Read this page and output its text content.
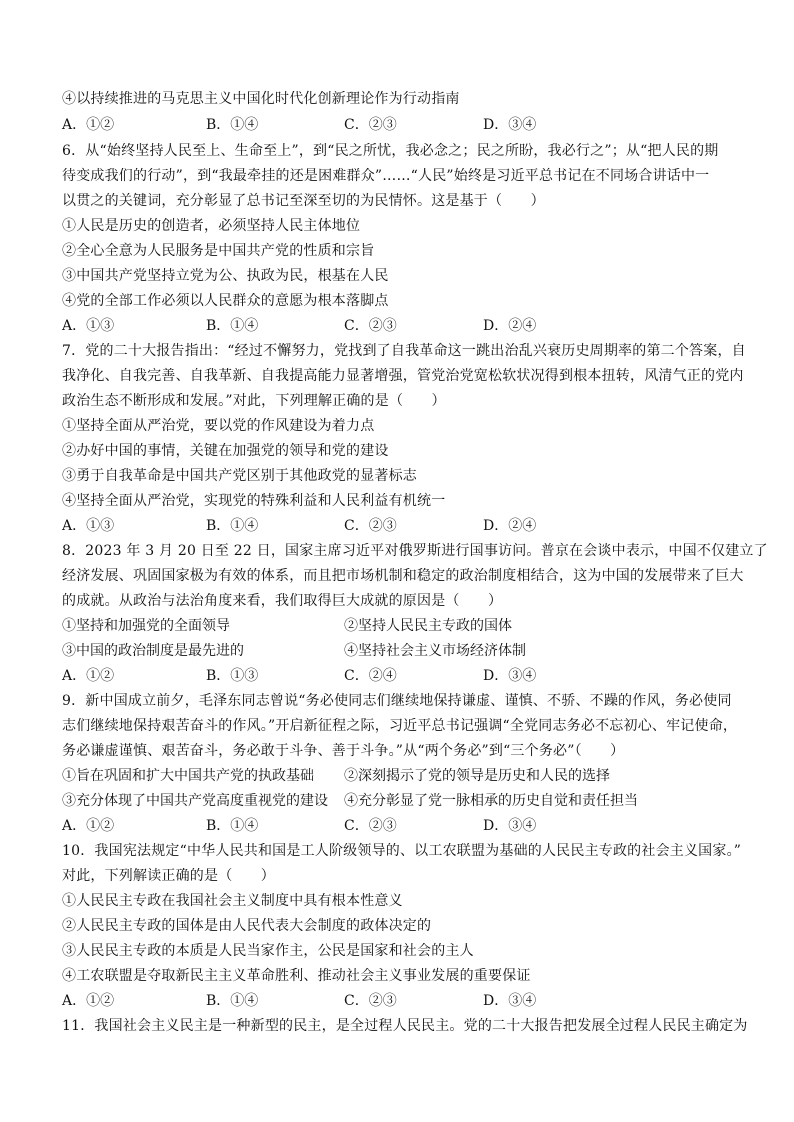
④以持续推进的马克思主义中国化时代化创新理论作为行动指南
A．①②	B．①④	C．②③	D．③④
6．从“始终坚持人民至上、生命至上”，到“民之所忧，我必念之；民之所盼，我必行之”；从“把人民的期
待变成我们的行动”，到“我最牵挂的还是困难群众”……“人民”始终是习近平总书记在不同场合讲话中一
以贯之的关键词，充分彰显了总书记至深至切的为民情怀。这是基于（　　）
①人民是历史的创造者，必须坚持人民主体地位
②全心全意为人民服务是中国共产党的性质和宗旨
③中国共产党坚持立党为公、执政为民，根基在人民
④党的全部工作必须以人民群众的意愿为根本落脚点
A．①③	B．①④	C．②③	D．②④
7．党的二十大报告指出：“经过不懈努力，党找到了自我革命这一跳出治乱兴衰历史周期率的第二个答案，自
我净化、自我完善、自我革新、自我提高能力显著增强，管党治党宽松软状况得到根本扭转，风清气正的党内
政治生态不断形成和发展。”对此，下列理解正确的是（　　）
①坚持全面从严治党，要以党的作风建设为着力点
②办好中国的事情，关键在加强党的领导和党的建设
③勇于自我革命是中国共产党区别于其他政党的显著标志
④坚持全面从严治党，实现党的特殊利益和人民利益有机统一
A．①③	B．①④	C．②③	D．②④
8．2023 年 3 月 20 日至 22 日，国家主席习近平对俄罗斯进行国事访问。普京在会谈中表示，中国不仅建立了
经济发展、巩固国家极为有效的体系，而且把市场机制和稳定的政治制度相结合，这为中国的发展带来了巨大
的成就。从政治与法治角度来看，我们取得巨大成就的原因是（　　）
①坚持和加强党的全面领导	②坚持人民民主专政的国体
③中国的政治制度是最先进的	④坚持社会主义市场经济体制
A．①②	B．①③	C．②④	D．③④
9．新中国成立前夕，毛泽东同志曾说“务必使同志们继续地保持谦虚、谨慎、不骄、不躁的作风，务必使同
志们继续地保持艰苦奋斗的作风。”开启新征程之际，习近平总书记强调“全党同志务必不忘初心、牢记使命，
务必谦虚谨慎、艰苦奋斗，务必敢于斗争、善于斗争。”从“两个务必”到“三个务必”（　　）
①旨在巩固和扩大中国共产党的执政基础 ②深刻揭示了党的领导是历史和人民的选择
③充分体现了中国共产党高度重视党的建设 ④充分彰显了党一脉相承的历史自觉和责任担当
A．①②	B．①④	C．②③	D．③④
10．我国宪法规定“中华人民共和国是工人阶级领导的、以工农联盟为基础的人民民主专政的社会主义国家。”
对此，下列解读正确的是（　　）
①人民民主专政在我国社会主义制度中具有根本性意义
②人民民主专政的国体是由人民代表大会制度的政体决定的
③人民民主专政的本质是人民当家作主，公民是国家和社会的主人
④工农联盟是夺取新民主主义革命胜利、推动社会主义事业发展的重要保证
A．①②	B．①④	C．②③	D．③④
11．我国社会主义民主是一种新型的民主，是全过程人民民主。党的二十大报告把发展全过程人民民主确定为
